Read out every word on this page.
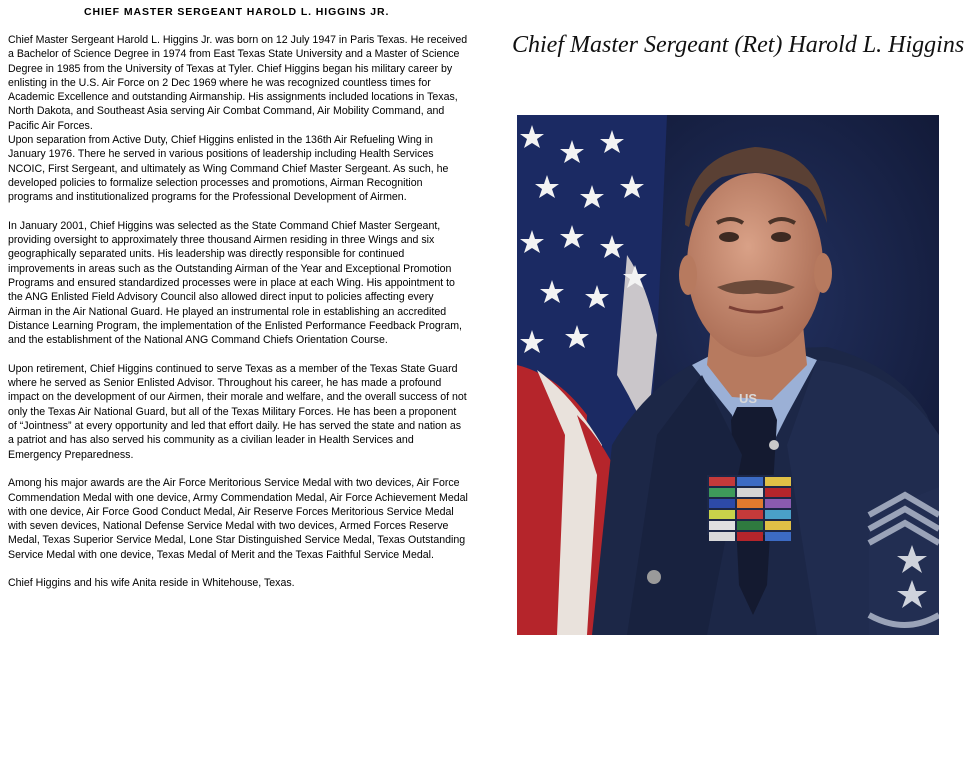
CHIEF MASTER SERGEANT HAROLD L. HIGGINS JR.

Chief Master Sergeant Harold L. Higgins Jr. was born on 12 July 1947 in Paris Texas. He received a Bachelor of Science Degree in 1974 from East Texas State University and a Master of Science Degree in 1985 from the University of Texas at Tyler. Chief Higgins began his military career by enlisting in the U.S. Air Force on 2 Dec 1969 where he was recognized countless times for Academic Excellence and outstanding Airmanship. His assignments included locations in Texas, North Dakota, and Southeast Asia serving Air Combat Command, Air Mobility Command, and Pacific Air Forces.

Upon separation from Active Duty, Chief Higgins enlisted in the 136th Air Refueling Wing in January 1976. There he served in various positions of leadership including Health Services NCOIC, First Sergeant, and ultimately as Wing Command Chief Master Sergeant. As such, he developed policies to formalize selection processes and promotions, Airman Recognition programs and institutionalized programs for the Professional Development of Airmen.

In January 2001, Chief Higgins was selected as the State Command Chief Master Sergeant, providing oversight to approximately three thousand Airmen residing in three Wings and six geographically separated units. His leadership was directly responsible for continued improvements in areas such as the Outstanding Airman of the Year and Exceptional Promotion Programs and ensured standardized processes were in place at each Wing. His appointment to the ANG Enlisted Field Advisory Council also allowed direct input to policies affecting every Airman in the Air National Guard. He played an instrumental role in establishing an accredited Distance Learning Program, the implementation of the Enlisted Performance Feedback Program, and the establishment of the National ANG Command Chiefs Orientation Course.

Upon retirement, Chief Higgins continued to serve Texas as a member of the Texas State Guard where he served as Senior Enlisted Advisor. Throughout his career, he has made a profound impact on the development of our Airmen, their morale and welfare, and the overall success of not only the Texas Air National Guard, but all of the Texas Military Forces. He has been a proponent of “Jointness” at every opportunity and led that effort daily. He has served the state and nation as a patriot and has also served his community as a civilian leader in Health Services and Emergency Preparedness.

Among his major awards are the Air Force Meritorious Service Medal with two devices, Air Force Commendation Medal with one device, Army Commendation Medal, Air Force Achievement Medal with one device, Air Force Good Conduct Medal, Air Reserve Forces Meritorious Service Medal with seven devices, National Defense Service Medal with two devices, Armed Forces Reserve Medal, Texas Superior Service Medal, Lone Star Distinguished Service Medal, Texas Outstanding Service Medal with one device, Texas Medal of Merit and the Texas Faithful Service Medal.

Chief Higgins and his wife Anita reside in Whitehouse, Texas.

Chief Master Sergeant (Ret) Harold L. Higgins
US
